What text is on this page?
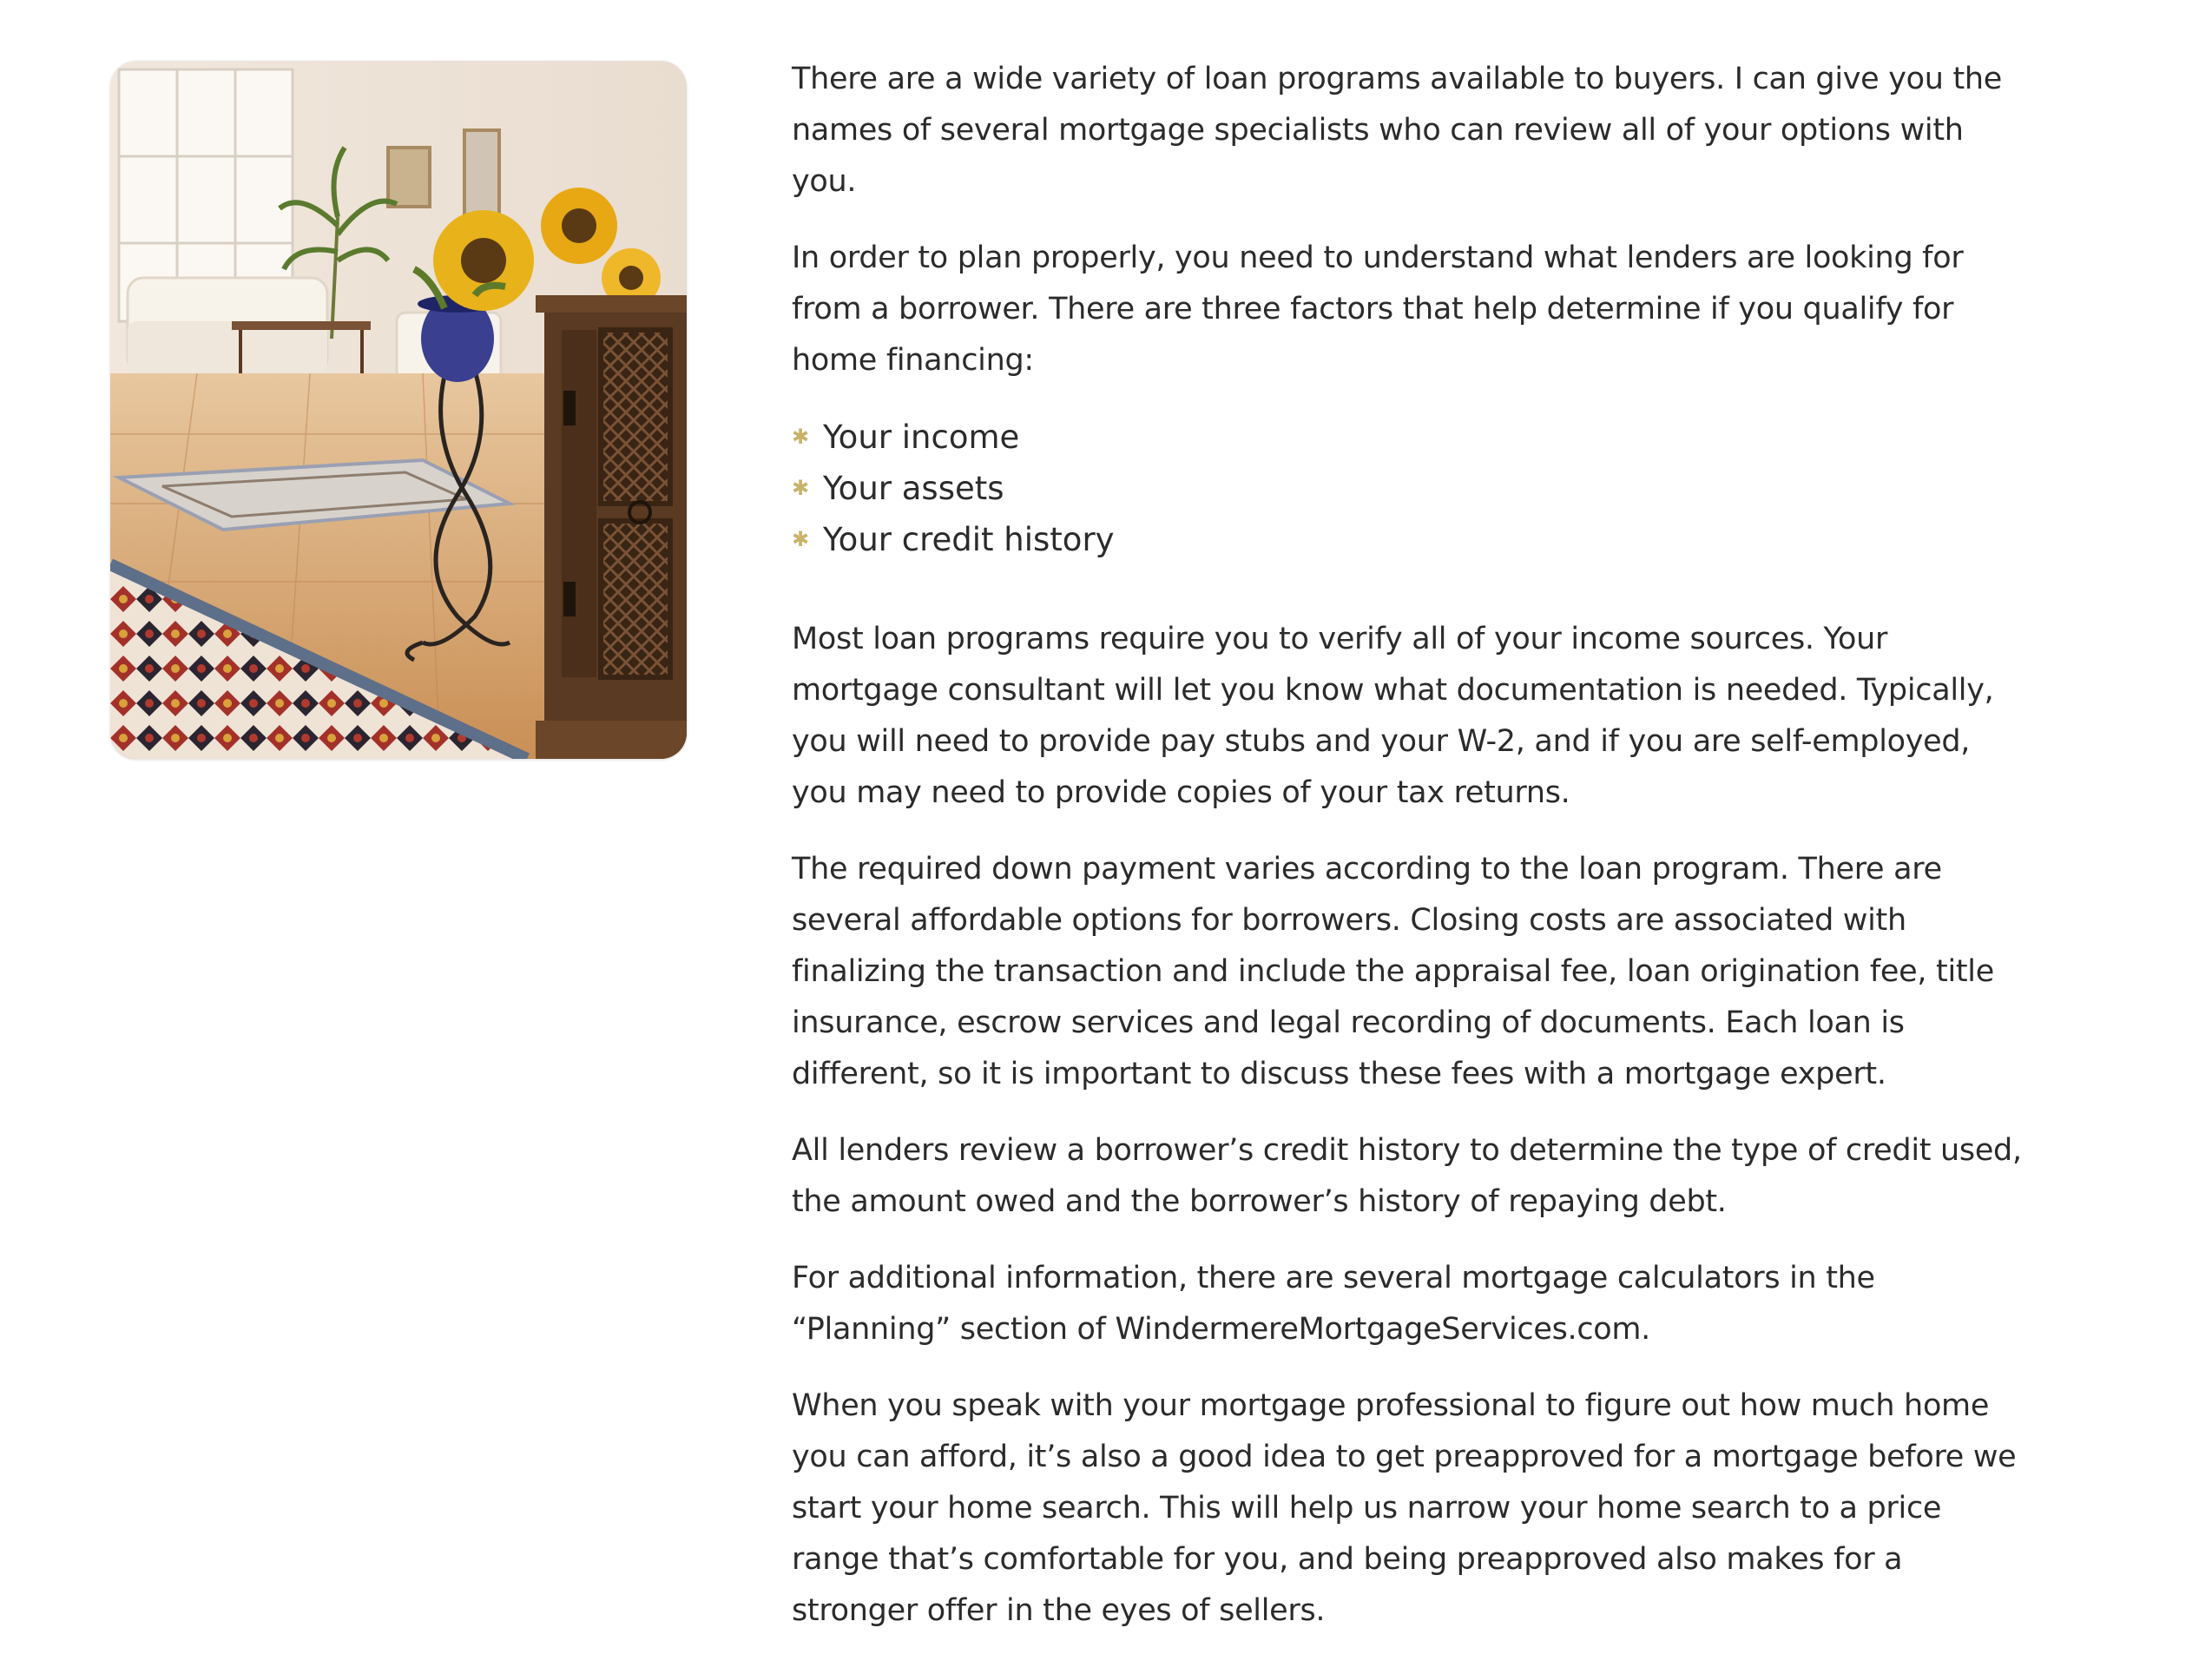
There are a wide variety of loan programs available to buyers. I can give you the names of several mortgage specialists who can review all of your options with you.

In order to plan properly, you need to understand what lenders are looking for from a borrower. There are three factors that help determine if you qualify for home financing:

✱ Your income
✱ Your assets
✱ Your credit history

Most loan programs require you to verify all of your income sources. Your mortgage consultant will let you know what documentation is needed. Typically, you will need to provide pay stubs and your W-2, and if you are self-employed, you may need to provide copies of your tax returns.

The required down payment varies according to the loan program. There are several affordable options for borrowers. Closing costs are associated with finalizing the transaction and include the appraisal fee, loan origination fee, title insurance, escrow services and legal recording of documents. Each loan is different, so it is important to discuss these fees with a mortgage expert.

All lenders review a borrower’s credit history to determine the type of credit used, the amount owed and the borrower’s history of repaying debt.

For additional information, there are several mortgage calculators in the “Planning” section of WindermereMortgageServices.com.

When you speak with your mortgage professional to figure out how much home you can afford, it’s also a good idea to get preapproved for a mortgage before we start your home search. This will help us narrow your home search to a price range that’s comfortable for you, and being preapproved also makes for a stronger offer in the eyes of sellers.
